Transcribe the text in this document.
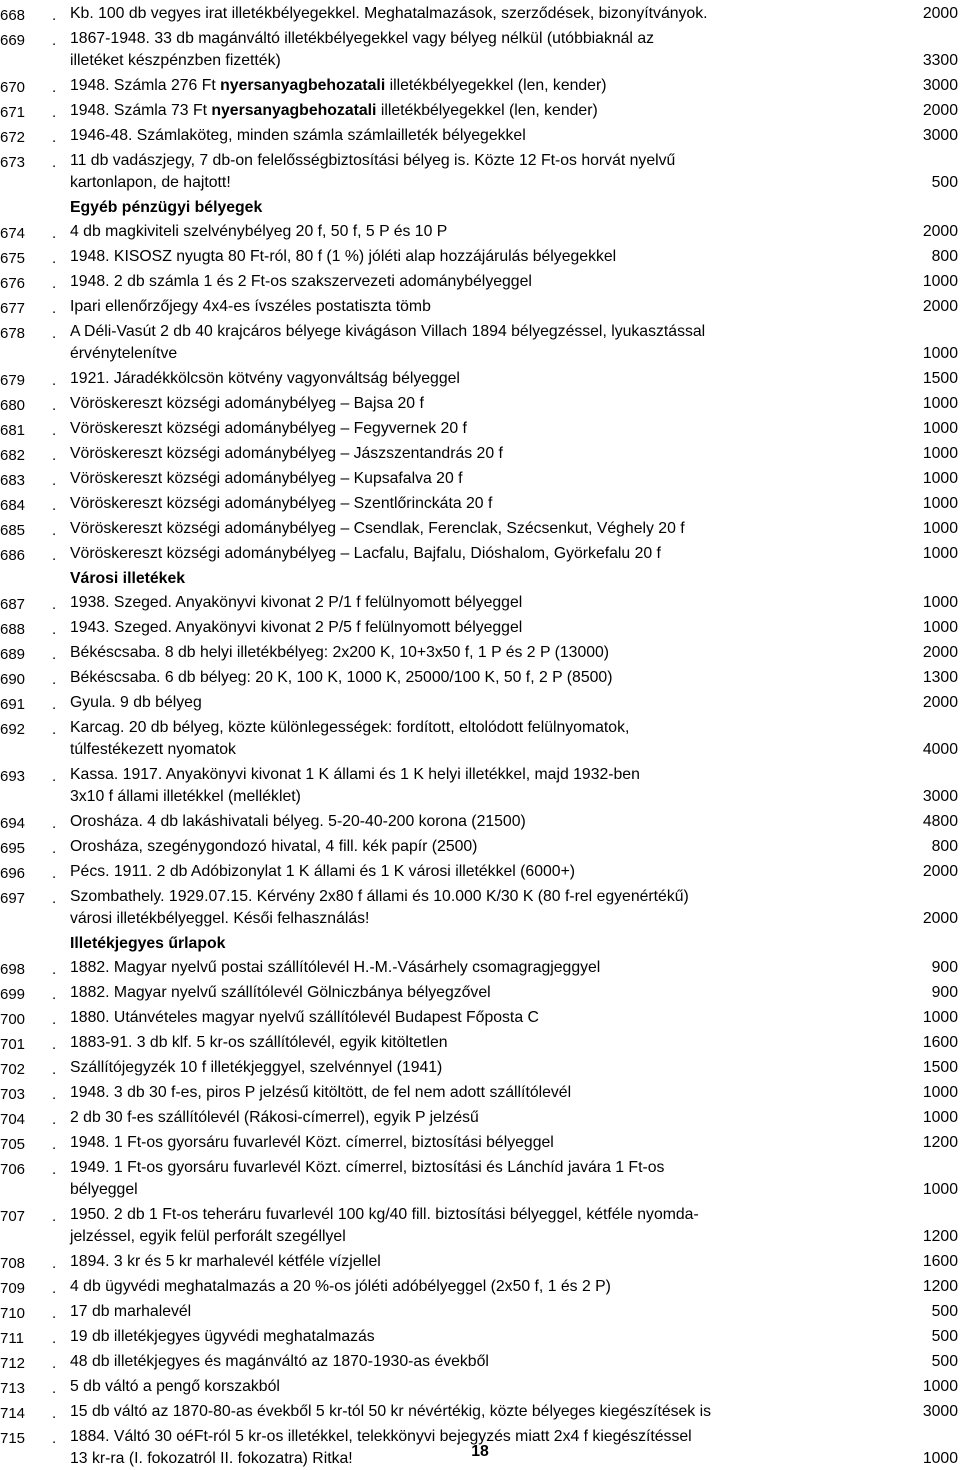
668 . Kb. 100 db vegyes irat illetékbélyegekkel. Meghatalmazások, szerződések, bizonyítványok.	2000
669 . 1867-1948. 33 db magánváltó illetékbélyegekkel vagy bélyeg nélkül (utóbbiaknál az
illetéket készpénzben fizették)	3300
670 . 1948. Számla 276 Ft nyersanyagbehozatali illetékbélyegekkel (len, kender)	3000
671 . 1948. Számla 73 Ft nyersanyagbehozatali illetékbélyegekkel (len, kender)	2000
672 . 1946-48. Számlaköteg, minden számla számlailleték bélyegekkel	3000
673 . 11 db vadászjegy, 7 db-on felelősségbiztosítási bélyeg is. Közte 12 Ft-os horvát nyelvű
kartonlapon, de hajtott!	500
Egyéb pénzügyi bélyegek
674 . 4 db magkiviteli szelvénybélyeg 20 f, 50 f, 5 P és 10 P	2000
675 . 1948. KISOSZ nyugta 80 Ft-ról, 80 f (1 %) jóléti alap hozzájárulás bélyegekkel	800
676 . 1948. 2 db számla 1 és 2 Ft-os szakszervezeti adománybélyeggel	1000
677 . Ipari ellenőrzőjegy 4x4-es ívszéles postatiszta tömb	2000
678 . A Déli-Vasút 2 db 40 krajcáros bélyege kivágáson Villach 1894 bélyegzéssel, lyukasztással
érvénytelenítve	1000
679 . 1921. Járadékkölcsön kötvény vagyonváltság bélyeggel	1500
680 . Vöröskereszt községi adománybélyeg – Bajsa 20 f	1000
681 . Vöröskereszt községi adománybélyeg – Fegyvernek 20 f	1000
682 . Vöröskereszt községi adománybélyeg – Jászszentandrás 20 f	1000
683 . Vöröskereszt községi adománybélyeg – Kupsafalva 20 f	1000
684 . Vöröskereszt községi adománybélyeg – Szentlőrinckáta 20 f	1000
685 . Vöröskereszt községi adománybélyeg – Csendlak, Ferenclak, Szécsenkut, Véghely 20 f	1000
686 . Vöröskereszt községi adománybélyeg – Lacfalu, Bajfalu, Dióshalom, Györkefalu 20 f	1000
Városi illetékek
687 . 1938. Szeged. Anyakönyvi kivonat 2 P/1 f felülnyomott bélyeggel	1000
688 . 1943. Szeged. Anyakönyvi kivonat 2 P/5 f felülnyomott bélyeggel	1000
689 . Békéscsaba. 8 db helyi illetékbélyeg: 2x200 K, 10+3x50 f, 1 P és 2 P (13000)	2000
690 . Békéscsaba. 6 db bélyeg: 20 K, 100 K, 1000 K, 25000/100 K, 50 f, 2 P (8500)	1300
691 . Gyula. 9 db bélyeg	2000
692 . Karcag. 20 db bélyeg, közte különlegességek: fordított, eltolódott felülnyomatok,
túlfestékezett nyomatok	4000
693 . Kassa. 1917. Anyakönyvi kivonat 1 K állami és 1 K helyi illetékkel, majd 1932-ben
3x10 f állami illetékkel (melléklet)	3000
694 . Orosháza. 4 db lakáshivatali bélyeg. 5-20-40-200 korona (21500)	4800
695 . Orosháza, szegénygondozó hivatal, 4 fill. kék papír (2500)	800
696 . Pécs. 1911. 2 db Adóbizonylat 1 K állami és 1 K városi illetékkel (6000+)	2000
697 . Szombathely. 1929.07.15. Kérvény 2x80 f állami és 10.000 K/30 K (80 f-rel egyenértékű)
városi illetékbélyeggel. Késői felhasználás!	2000
Illetékjegyes űrlapok
698 . 1882. Magyar nyelvű postai szállítólevél H.-M.-Vásárhely csomagragjeggyel	900
699 . 1882. Magyar nyelvű szállítólevél Gölniczbánya bélyegzővel	900
700 . 1880. Utánvételes magyar nyelvű szállítólevél Budapest Főposta C	1000
701 . 1883-91. 3 db klf. 5 kr-os szállítólevél, egyik kitöltetlen	1600
702 . Szállítójegyzék 10 f illetékjeggyel, szelvénnyel (1941)	1500
703 . 1948. 3 db 30 f-es, piros P jelzésű kitöltött, de fel nem adott szállítólevél	1000
704 . 2 db 30 f-es szállítólevél (Rákosi-címerrel), egyik P jelzésű	1000
705 . 1948. 1 Ft-os gyorsáru fuvarlevél Közt. címerrel, biztosítási bélyeggel	1200
706 . 1949. 1 Ft-os gyorsáru fuvarlevél Közt. címerrel, biztosítási és Lánchíd javára 1 Ft-os
bélyeggel	1000
707 . 1950. 2 db 1 Ft-os teheráru fuvarlevél 100 kg/40 fill. biztosítási bélyeggel, kétféle nyomda-
jelzéssel, egyik felül perforált szegéllyel	1200
708 . 1894. 3 kr és 5 kr marhalevél kétféle vízjellel	1600
709 . 4 db ügyvédi meghatalmazás a 20 %-os jóléti adóbélyeggel (2x50 f, 1 és 2 P)	1200
710 . 17 db marhalevél	500
711 . 19 db illetékjegyes ügyvédi meghatalmazás	500
712 . 48 db illetékjegyes és magánváltó az 1870-1930-as évekből	500
713 . 5 db váltó a pengő korszakból	1000
714 . 15 db váltó az 1870-80-as évekből 5 kr-tól 50 kr névértékig, közte bélyeges kiegészítések is	3000
715 . 1884. Váltó 30 oéFt-ról 5 kr-os illetékkel, telekkönyvi bejegyzés miatt 2x4 f kiegészítéssel
13 kr-ra (I. fokozatról II. fokozatra) Ritka!	1000
18
